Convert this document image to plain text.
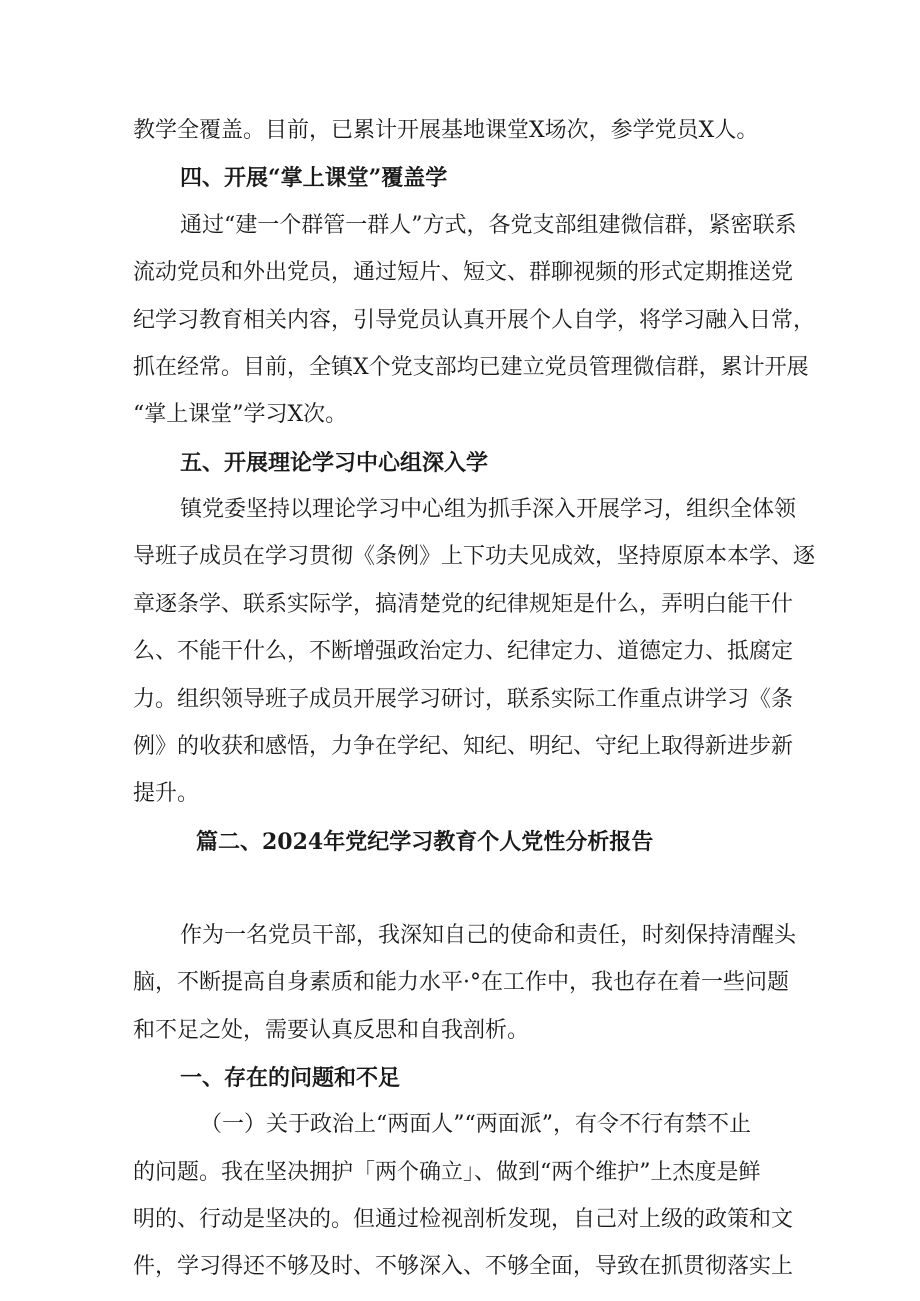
教学全覆盖。目前，已累计开展基地课堂X场次，参学党员X人。
四、开展“掌上课堂”覆盖学
通过“建一个群管一群人”方式，各党支部组建微信群，紧密联系
流动党员和外出党员，通过短片、短文、群聊视频的形式定期推送党
纪学习教育相关内容，引导党员认真开展个人自学，将学习融入日常，
抓在经常。目前，全镇X个党支部均已建立党员管理微信群，累计开展
“掌上课堂”学习X次。
五、开展理论学习中心组深入学
镇党委坚持以理论学习中心组为抓手深入开展学习，组织全体领
导班子成员在学习贯彻《条例》上下功夫见成效，坚持原原本本学、逐
章逐条学、联系实际学，搞清楚党的纪律规矩是什么，弄明白能干什
么、不能干什么，不断增强政治定力、纪律定力、道德定力、抵腐定
力。组织领导班子成员开展学习研讨，联系实际工作重点讲学习《条
例》的收获和感悟，力争在学纪、知纪、明纪、守纪上取得新进步新
提升。
篇二、2024年党纪学习教育个人党性分析报告
作为一名党员干部，我深知自己的使命和责任，时刻保持清醒头
脑，不断提高自身素质和能力水平·°在工作中，我也存在着一些问题
和不足之处，需要认真反思和自我剖析。
一、存在的问题和不足
（一）关于政治上“两面人”“两面派”，有令不行有禁不止
的问题。我在坚决拥护「两个确立」、做到“两个维护”上杰度是鲜
明的、行动是坚决的。但通过检视剖析发现，自己对上级的政策和文
件，学习得还不够及时、不够深入、不够全面，导致在抓贯彻落实上
